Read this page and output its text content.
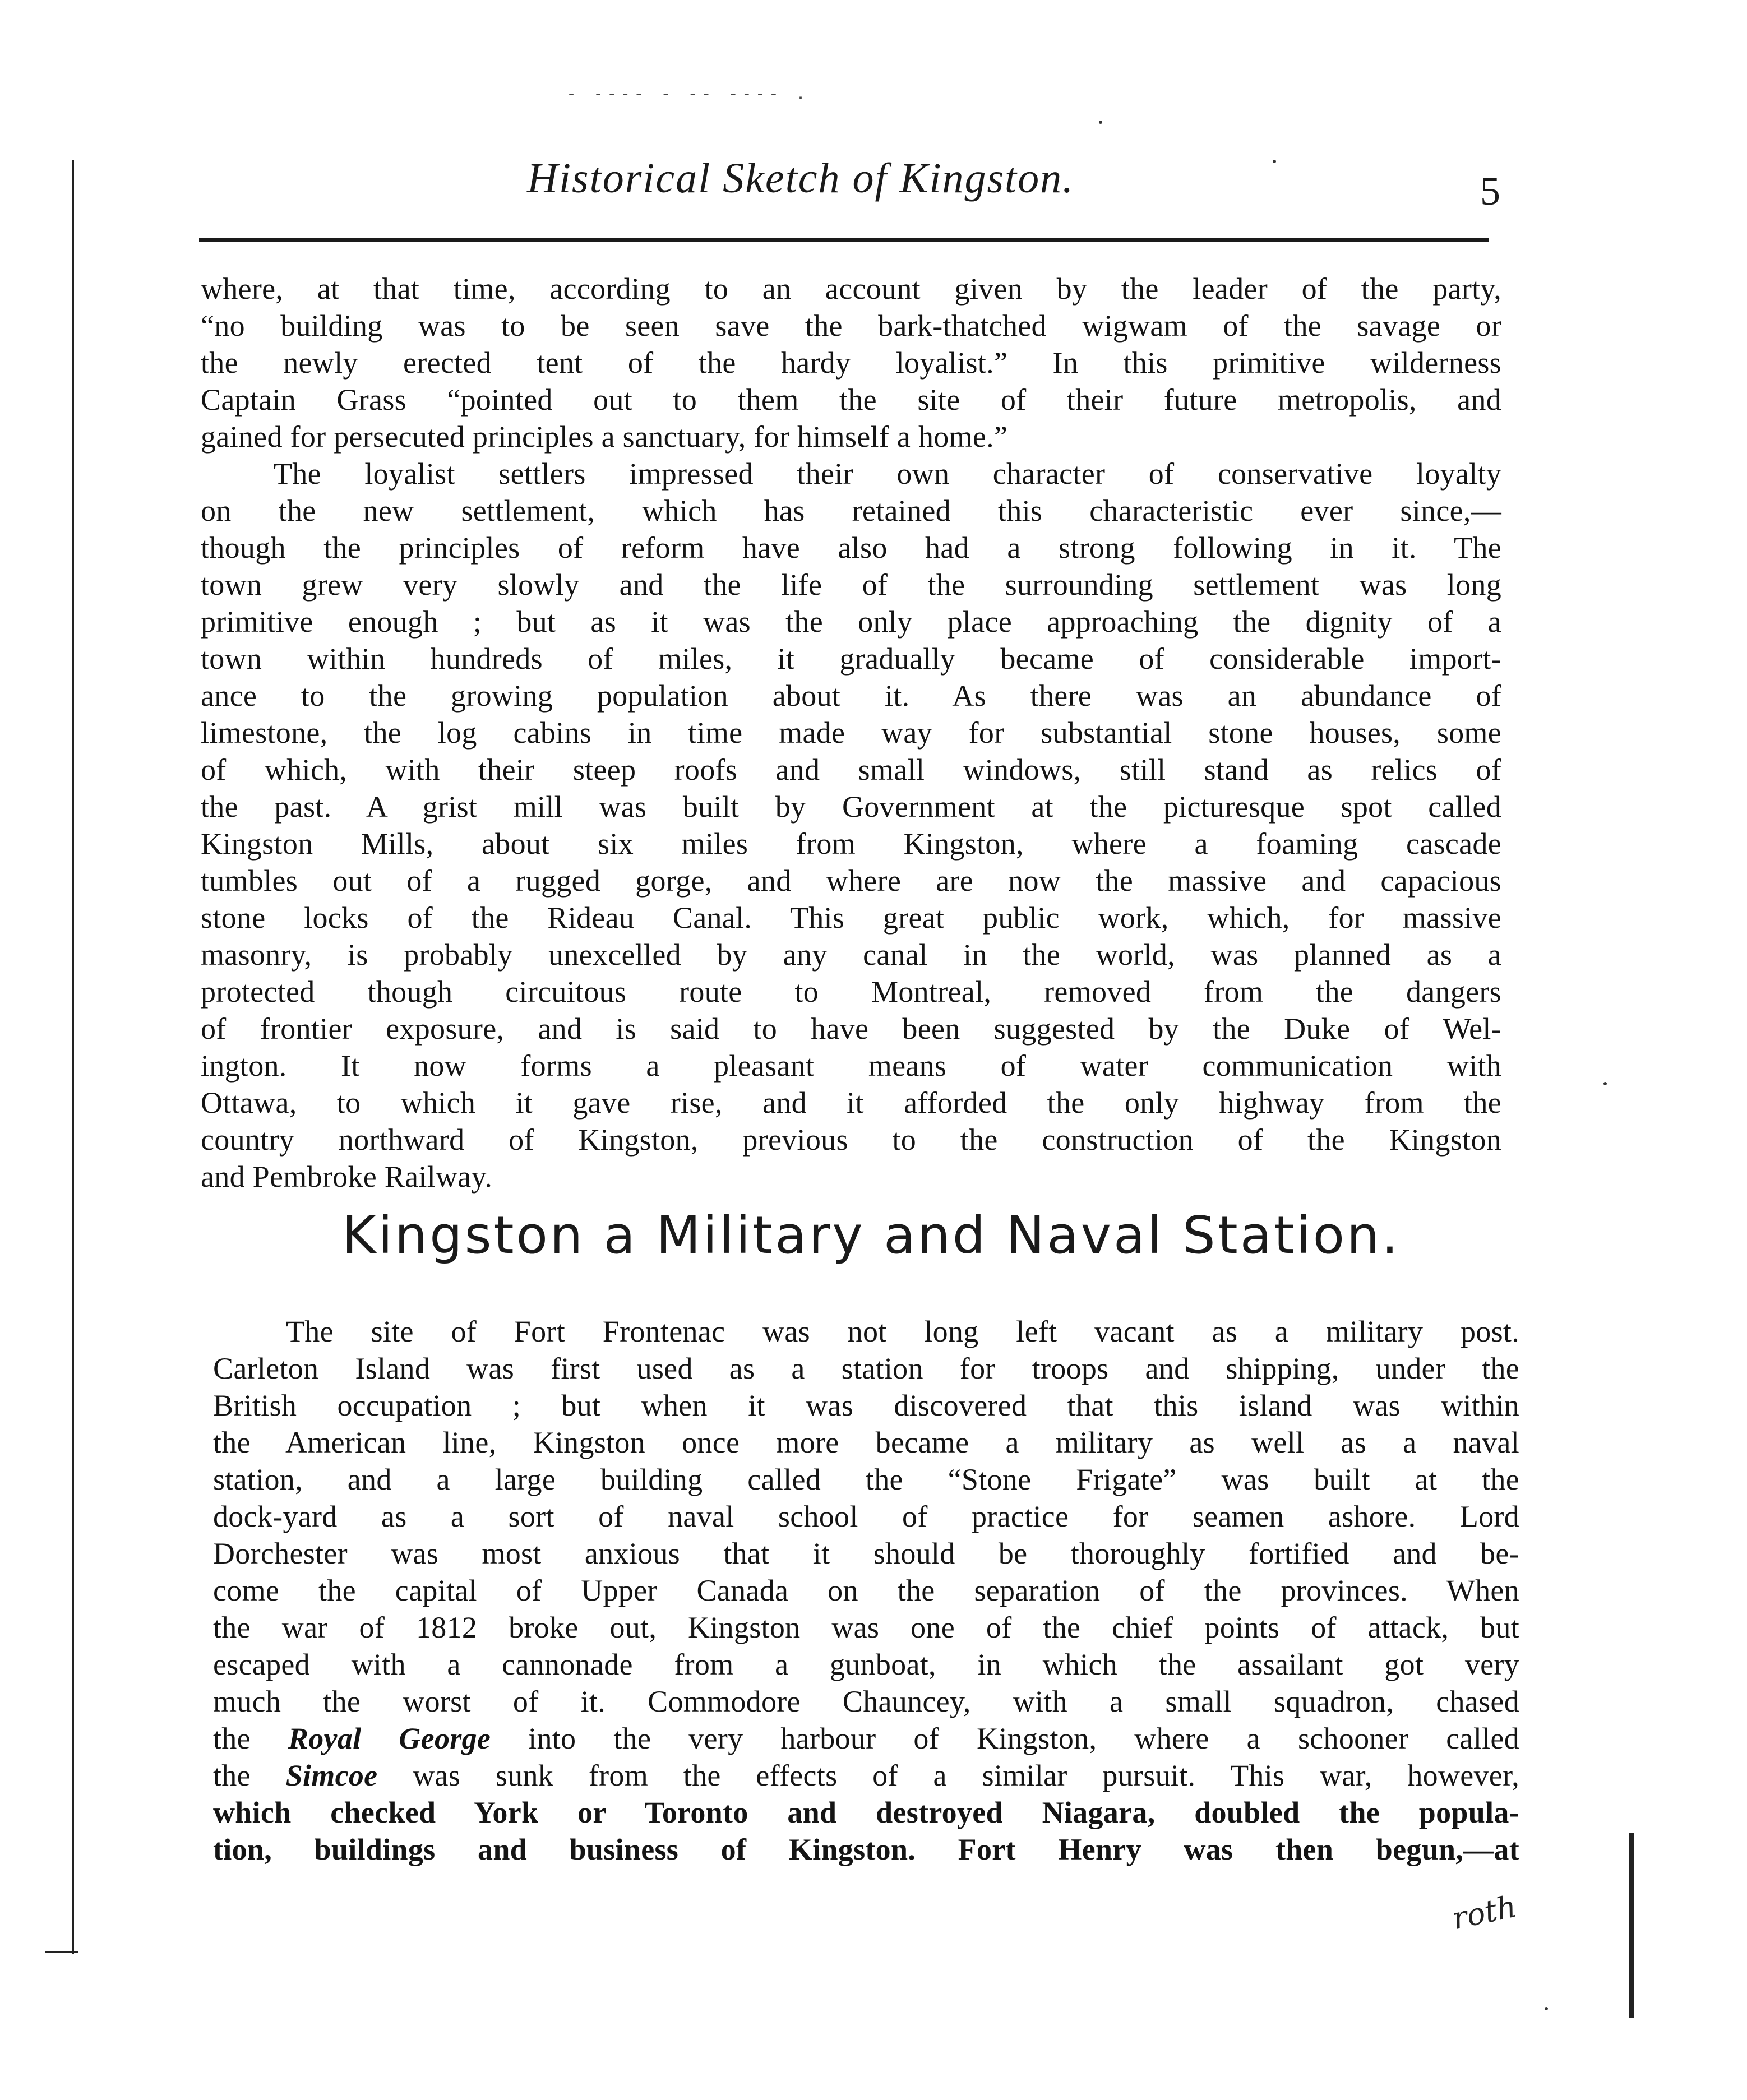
- ---- - -- ---- .
Historical Sketch of Kingston.	5
where, at that time, according to an account given by the leader of the party,
“no building was to be seen save the bark-thatched wigwam of the savage or
the newly erected tent of the hardy loyalist.” In this primitive wilderness
Captain Grass “pointed out to them the site of their future metropolis, and
gained for persecuted principles a sanctuary, for himself a home.”
The loyalist settlers impressed their own character of conservative loyalty
on the new settlement, which has retained this characteristic ever since,—
though the principles of reform have also had a strong following in it. The
town grew very slowly and the life of the surrounding settlement was long
primitive enough ; but as it was the only place approaching the dignity of a
town within hundreds of miles, it gradually became of considerable import-
ance to the growing population about it. As there was an abundance of
limestone, the log cabins in time made way for substantial stone houses, some
of which, with their steep roofs and small windows, still stand as relics of
the past. A grist mill was built by Government at the picturesque spot called
Kingston Mills, about six miles from Kingston, where a foaming cascade
tumbles out of a rugged gorge, and where are now the massive and capacious
stone locks of the Rideau Canal. This great public work, which, for massive
masonry, is probably unexcelled by any canal in the world, was planned as a
protected though circuitous route to Montreal, removed from the dangers
of frontier exposure, and is said to have been suggested by the Duke of Wel-
ington. It now forms a pleasant means of water communication with
Ottawa, to which it gave rise, and it afforded the only highway from the
country northward of Kingston, previous to the construction of the Kingston
and Pembroke Railway.
Kingston a Military and Naval Station.
The site of Fort Frontenac was not long left vacant as a military post.
Carleton Island was first used as a station for troops and shipping, under the
British occupation ; but when it was discovered that this island was within
the American line, Kingston once more became a military as well as a naval
station, and a large building called the “Stone Frigate” was built at the
dock-yard as a sort of naval school of practice for seamen ashore. Lord
Dorchester was most anxious that it should be thoroughly fortified and be-
come the capital of Upper Canada on the separation of the provinces. When
the war of 1812 broke out, Kingston was one of the chief points of attack, but
escaped with a cannonade from a gunboat, in which the assailant got very
much the worst of it. Commodore Chauncey, with a small squadron, chased
the Royal George into the very harbour of Kingston, where a schooner called
the Simcoe was sunk from the effects of a similar pursuit. This war, however,
which checked York or Toronto and destroyed Niagara, doubled the popula-
tion, buildings and business of Kingston. Fort Henry was then begun,—at
roth
